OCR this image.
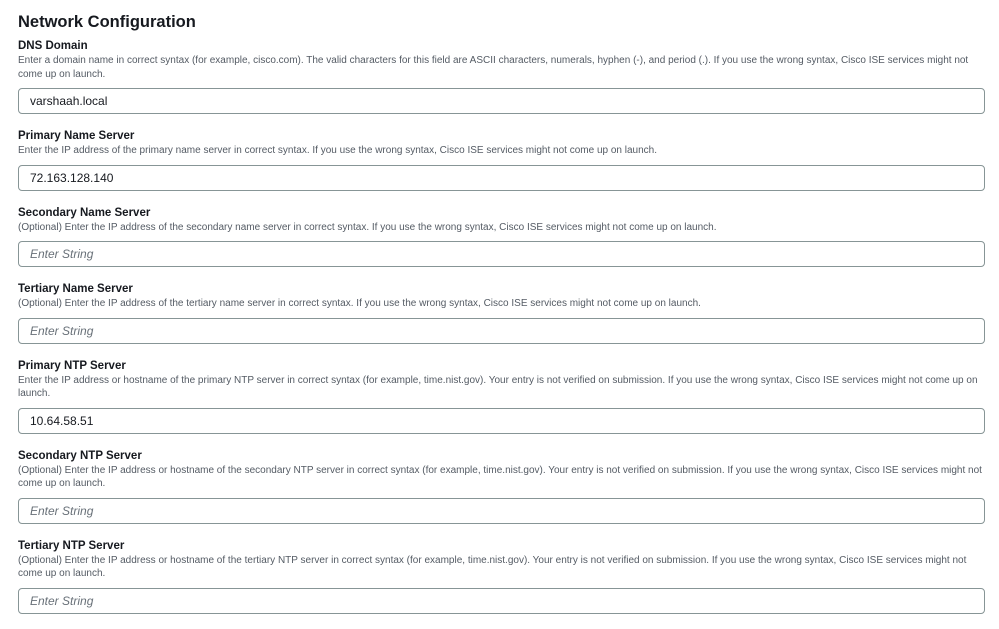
Network Configuration
DNS Domain
Enter a domain name in correct syntax (for example, cisco.com). The valid characters for this field are ASCII characters, numerals, hyphen (-), and period (.). If you use the wrong syntax, Cisco ISE services might not come up on launch.
varshaah.local
Primary Name Server
Enter the IP address of the primary name server in correct syntax. If you use the wrong syntax, Cisco ISE services might not come up on launch.
72.163.128.140
Secondary Name Server
(Optional) Enter the IP address of the secondary name server in correct syntax. If you use the wrong syntax, Cisco ISE services might not come up on launch.
Enter String
Tertiary Name Server
(Optional) Enter the IP address of the tertiary name server in correct syntax. If you use the wrong syntax, Cisco ISE services might not come up on launch.
Enter String
Primary NTP Server
Enter the IP address or hostname of the primary NTP server in correct syntax (for example, time.nist.gov). Your entry is not verified on submission. If you use the wrong syntax, Cisco ISE services might not come up on launch.
10.64.58.51
Secondary NTP Server
(Optional) Enter the IP address or hostname of the secondary NTP server in correct syntax (for example, time.nist.gov). Your entry is not verified on submission. If you use the wrong syntax, Cisco ISE services might not come up on launch.
Enter String
Tertiary NTP Server
(Optional) Enter the IP address or hostname of the tertiary NTP server in correct syntax (for example, time.nist.gov). Your entry is not verified on submission. If you use the wrong syntax, Cisco ISE services might not come up on launch.
Enter String
